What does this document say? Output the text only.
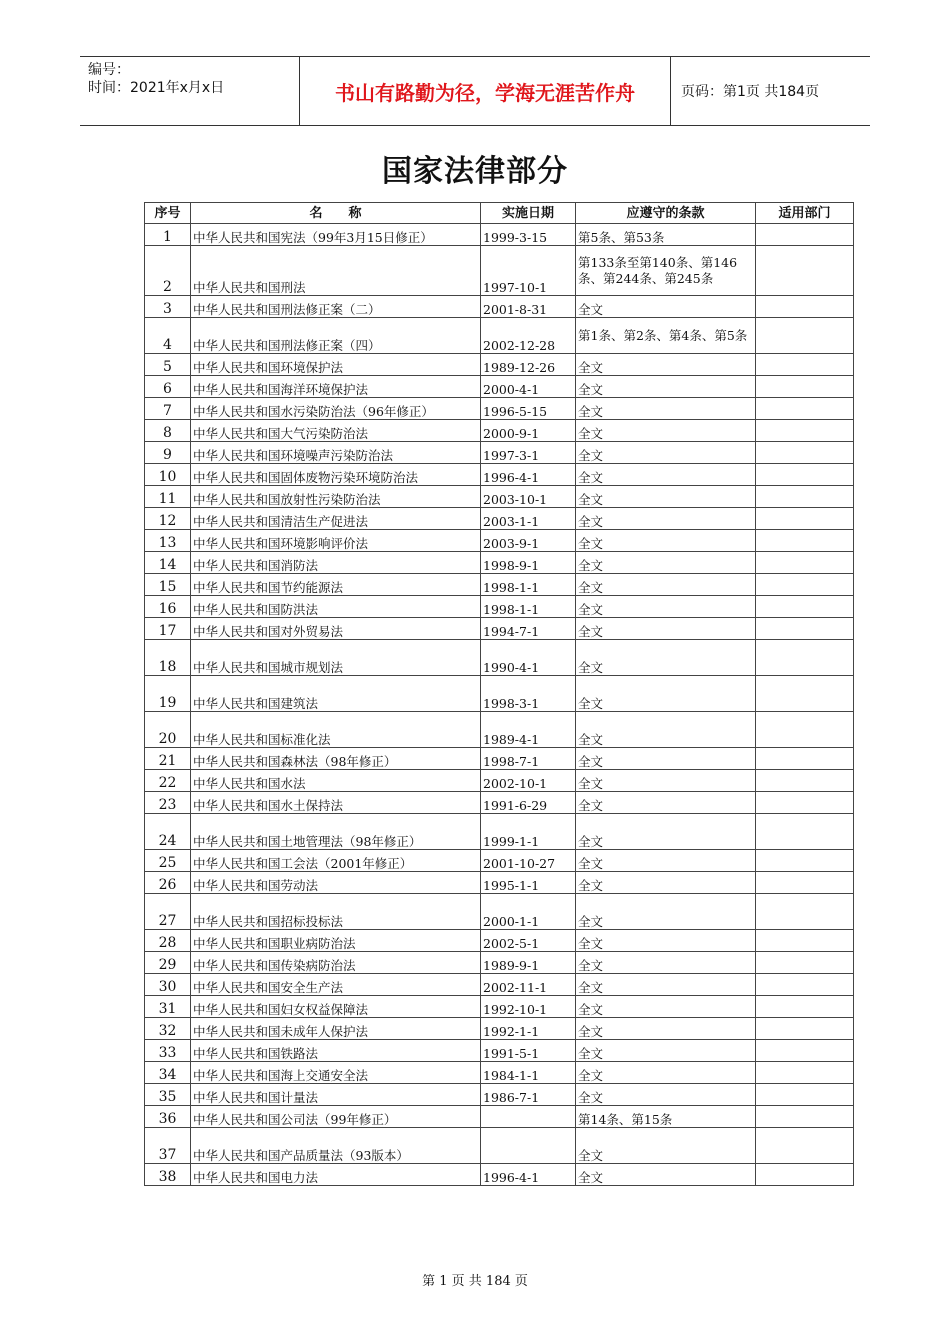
编号：
时间：2021年x月x日	书山有路勤为径，学海无涯苦作舟	页码：第1页 共184页
国家法律部分
序号	名　　称	实施日期	应遵守的条款	适用部门
1	中华人民共和国宪法（99年3月15日修正）	1999-3-15	第5条、第53条	
2	中华人民共和国刑法	1997-10-1	第133条至第140条、第146条、第244条、第245条	
3	中华人民共和国刑法修正案（二）	2001-8-31	全文	
4	中华人民共和国刑法修正案（四）	2002-12-28	第1条、第2条、第4条、第5条	
5	中华人民共和国环境保护法	1989-12-26	全文	
6	中华人民共和国海洋环境保护法	2000-4-1	全文	
7	中华人民共和国水污染防治法（96年修正）	1996-5-15	全文	
8	中华人民共和国大气污染防治法	2000-9-1	全文	
9	中华人民共和国环境噪声污染防治法	1997-3-1	全文	
10	中华人民共和国固体废物污染环境防治法	1996-4-1	全文	
11	中华人民共和国放射性污染防治法	2003-10-1	全文	
12	中华人民共和国清洁生产促进法	2003-1-1	全文	
13	中华人民共和国环境影响评价法	2003-9-1	全文	
14	中华人民共和国消防法	1998-9-1	全文	
15	中华人民共和国节约能源法	1998-1-1	全文	
16	中华人民共和国防洪法	1998-1-1	全文	
17	中华人民共和国对外贸易法	1994-7-1	全文	
18	中华人民共和国城市规划法	1990-4-1	全文	
19	中华人民共和国建筑法	1998-3-1	全文	
20	中华人民共和国标准化法	1989-4-1	全文	
21	中华人民共和国森林法（98年修正）	1998-7-1	全文	
22	中华人民共和国水法	2002-10-1	全文	
23	中华人民共和国水土保持法	1991-6-29	全文	
24	中华人民共和国土地管理法（98年修正）	1999-1-1	全文	
25	中华人民共和国工会法（2001年修正）	2001-10-27	全文	
26	中华人民共和国劳动法	1995-1-1	全文	
27	中华人民共和国招标投标法	2000-1-1	全文	
28	中华人民共和国职业病防治法	2002-5-1	全文	
29	中华人民共和国传染病防治法	1989-9-1	全文	
30	中华人民共和国安全生产法	2002-11-1	全文	
31	中华人民共和国妇女权益保障法	1992-10-1	全文	
32	中华人民共和国未成年人保护法	1992-1-1	全文	
33	中华人民共和国铁路法	1991-5-1	全文	
34	中华人民共和国海上交通安全法	1984-1-1	全文	
35	中华人民共和国计量法	1986-7-1	全文	
36	中华人民共和国公司法（99年修正）		第14条、第15条	
37	中华人民共和国产品质量法（93版本）		全文	
38	中华人民共和国电力法	1996-4-1	全文	
第 1 页 共 184 页
